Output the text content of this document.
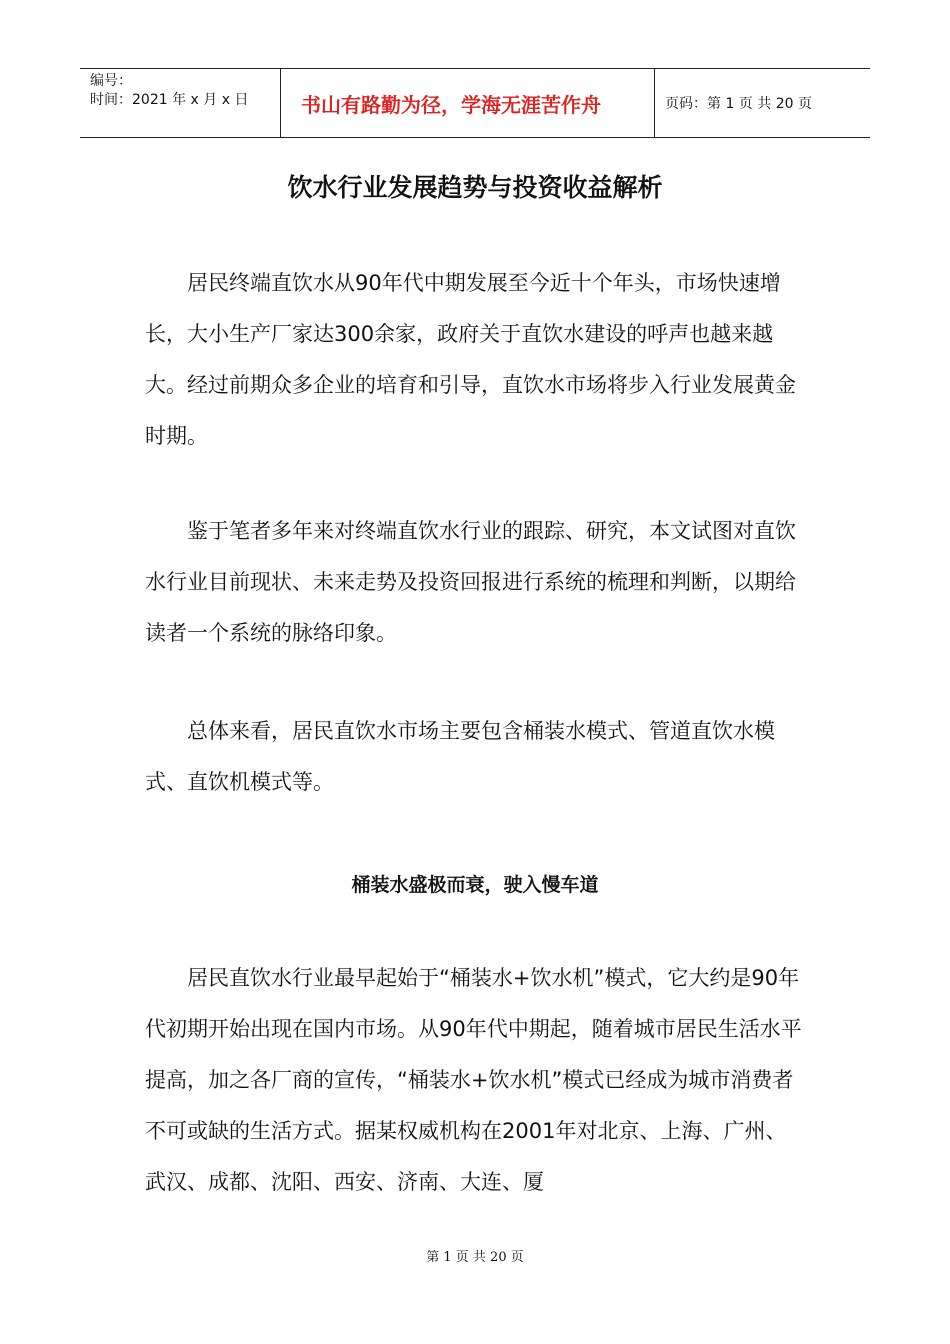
编号：
时间：2021 年 x 月 x 日	书山有路勤为径，学海无涯苦作舟	页码：第 1 页 共 20 页
饮水行业发展趋势与投资收益解析

居民终端直饮水从90年代中期发展至今近十个年头，市场快速增长，大小生产厂家达300余家，政府关于直饮水建设的呼声也越来越大。经过前期众多企业的培育和引导，直饮水市场将步入行业发展黄金时期。

鉴于笔者多年来对终端直饮水行业的跟踪、研究，本文试图对直饮水行业目前现状、未来走势及投资回报进行系统的梳理和判断，以期给读者一个系统的脉络印象。

总体来看，居民直饮水市场主要包含桶装水模式、管道直饮水模式、直饮机模式等。

桶装水盛极而衰，驶入慢车道

居民直饮水行业最早起始于“桶装水+饮水机”模式，它大约是90年代初期开始出现在国内市场。从90年代中期起，随着城市居民生活水平提高，加之各厂商的宣传，“桶装水+饮水机”模式已经成为城市消费者不可或缺的生活方式。据某权威机构在2001年对北京、上海、广州、武汉、成都、沈阳、西安、济南、大连、厦

第 1 页 共 20 页
